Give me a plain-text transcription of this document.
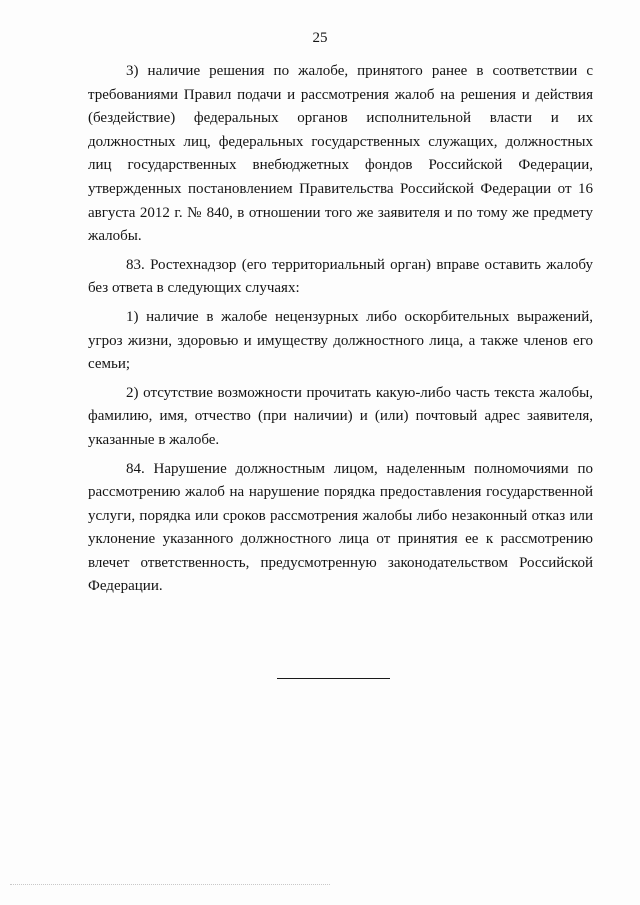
25

3) наличие решения по жалобе, принятого ранее в соответствии с требованиями Правил подачи и рассмотрения жалоб на решения и действия (бездействие) федеральных органов исполнительной власти и их должностных лиц, федеральных государственных служащих, должностных лиц государственных внебюджетных фондов Российской Федерации, утвержденных постановлением Правительства Российской Федерации от 16 августа 2012 г. № 840, в отношении того же заявителя и по тому же предмету жалобы.

83. Ростехнадзор (его территориальный орган) вправе оставить жалобу без ответа в следующих случаях:

1) наличие в жалобе нецензурных либо оскорбительных выражений, угроз жизни, здоровью и имуществу должностного лица, а также членов его семьи;

2) отсутствие возможности прочитать какую-либо часть текста жалобы, фамилию, имя, отчество (при наличии) и (или) почтовый адрес заявителя, указанные в жалобе.

84. Нарушение должностным лицом, наделенным полномочиями по рассмотрению жалоб на нарушение порядка предоставления государственной услуги, порядка или сроков рассмотрения жалобы либо незаконный отказ или уклонение указанного должностного лица от принятия ее к рассмотрению влечет ответственность, предусмотренную законодательством Российской Федерации.
